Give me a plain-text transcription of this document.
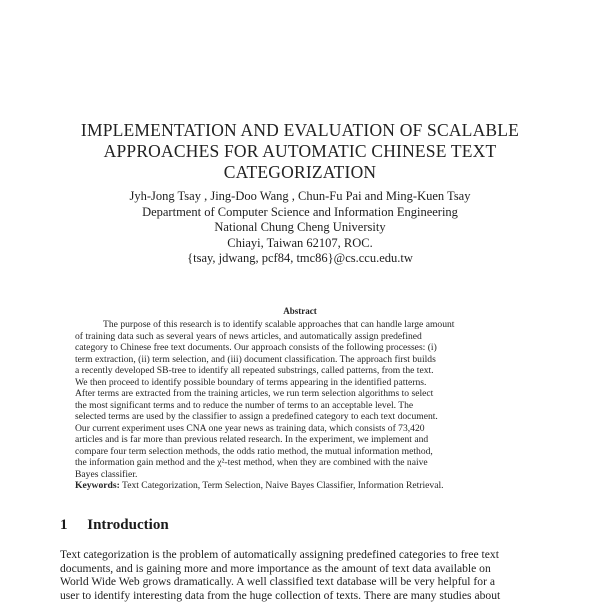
IMPLEMENTATION AND EVALUATION OF SCALABLE
APPROACHES FOR AUTOMATIC CHINESE TEXT
CATEGORIZATION
Jyh-Jong Tsay , Jing-Doo Wang , Chun-Fu Pai and Ming-Kuen Tsay
Department of Computer Science and Information Engineering
National Chung Cheng University
Chiayi, Taiwan 62107, ROC.
{tsay, jdwang, pcf84, tmc86}@cs.ccu.edu.tw
Abstract
The purpose of this research is to identify scalable approaches that can handle large amount
of training data such as several years of news articles, and automatically assign predefined
category to Chinese free text documents. Our approach consists of the following processes: (i)
term extraction, (ii) term selection, and (iii) document classification. The approach first builds
a recently developed SB-tree to identify all repeated substrings, called patterns, from the text.
We then proceed to identify possible boundary of terms appearing in the identified patterns.
After terms are extracted from the training articles, we run term selection algorithms to select
the most significant terms and to reduce the number of terms to an acceptable level. The
selected terms are used by the classifier to assign a predefined category to each text document.
Our current experiment uses CNA one year news as training data, which consists of 73,420
articles and is far more than previous related research. In the experiment, we implement and
compare four term selection methods, the odds ratio method, the mutual information method,
the information gain method and the χ²-test method, when they are combined with the naive
Bayes classifier.
Keywords: Text Categorization, Term Selection, Naive Bayes Classifier, Information Retrieval.
1 Introduction
Text categorization is the problem of automatically assigning predefined categories to free text
documents, and is gaining more and more importance as the amount of text data available on
World Wide Web grows dramatically. A well classified text database will be very helpful for a
user to identify interesting data from the huge collection of texts. There are many studies about
